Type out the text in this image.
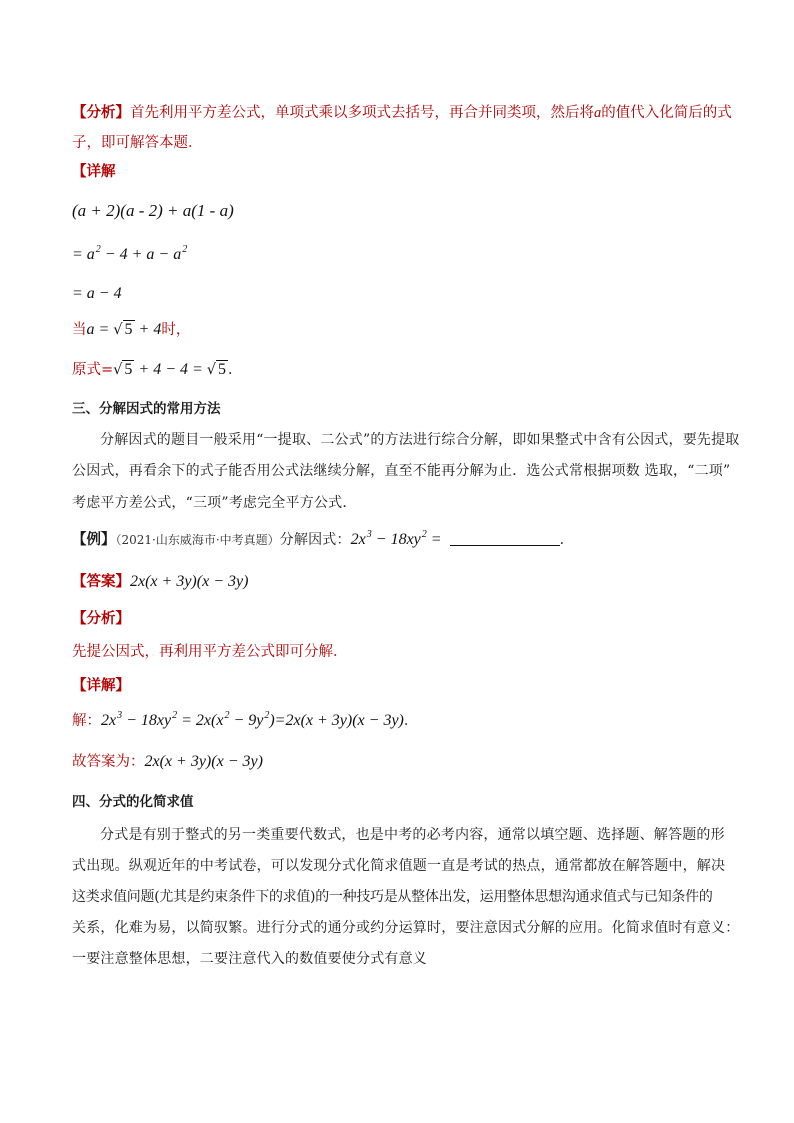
【分析】首先利用平方差公式，单项式乘以多项式去括号，再合并同类项，然后将a的值代入化简后的式
子，即可解答本题．
【详解
(a + 2)(a - 2) + a(1 - a)
= $a^2 - 4 + a - a^2$
= a − 4
当a = √ 5 + 4时，
原式=√ 5 + 4 − 4 = √ 5 ．
三、分解因式的常用方法
分解因式的题目一般采用“一提取、二公式”的方法进行综合分解，即如果整式中含有公因式，要先提取
公因式，再看余下的式子能否用公式法继续分解，直至不能再分解为止．选公式常根据项数 选取，“二项”
考虑平方差公式，“三项”考虑完全平方公式．
【例】（2021·山东威海市·中考真题）分解因式：$2x^3 - 18xy^2$ =	．
【答案】2x(x + 3y)(x − 3y)
【分析】
先提公因式，再利用平方差公式即可分解．
【详解】
解：$2x^3 - 18xy^2 = 2x(x^2 - 9y^2)=2x(x + 3y)(x - 3y)$．
故答案为：2x(x + 3y)(x − 3y)
四、分式的化简求值
分式是有别于整式的另一类重要代数式，也是中考的必考内容，通常以填空题、选择题、解答题的形
式出现。纵观近年的中考试卷，可以发现分式化简求值题一直是考试的热点，通常都放在解答题中，解决
这类求值问题(尤其是约束条件下的求值)的一种技巧是从整体出发，运用整体思想沟通求值式与已知条件的
关系，化难为易，以简驭繁。进行分式的通分或约分运算时，要注意因式分解的应用。化简求值时有意义：
一要注意整体思想，二要注意代入的数值要使分式有意义
